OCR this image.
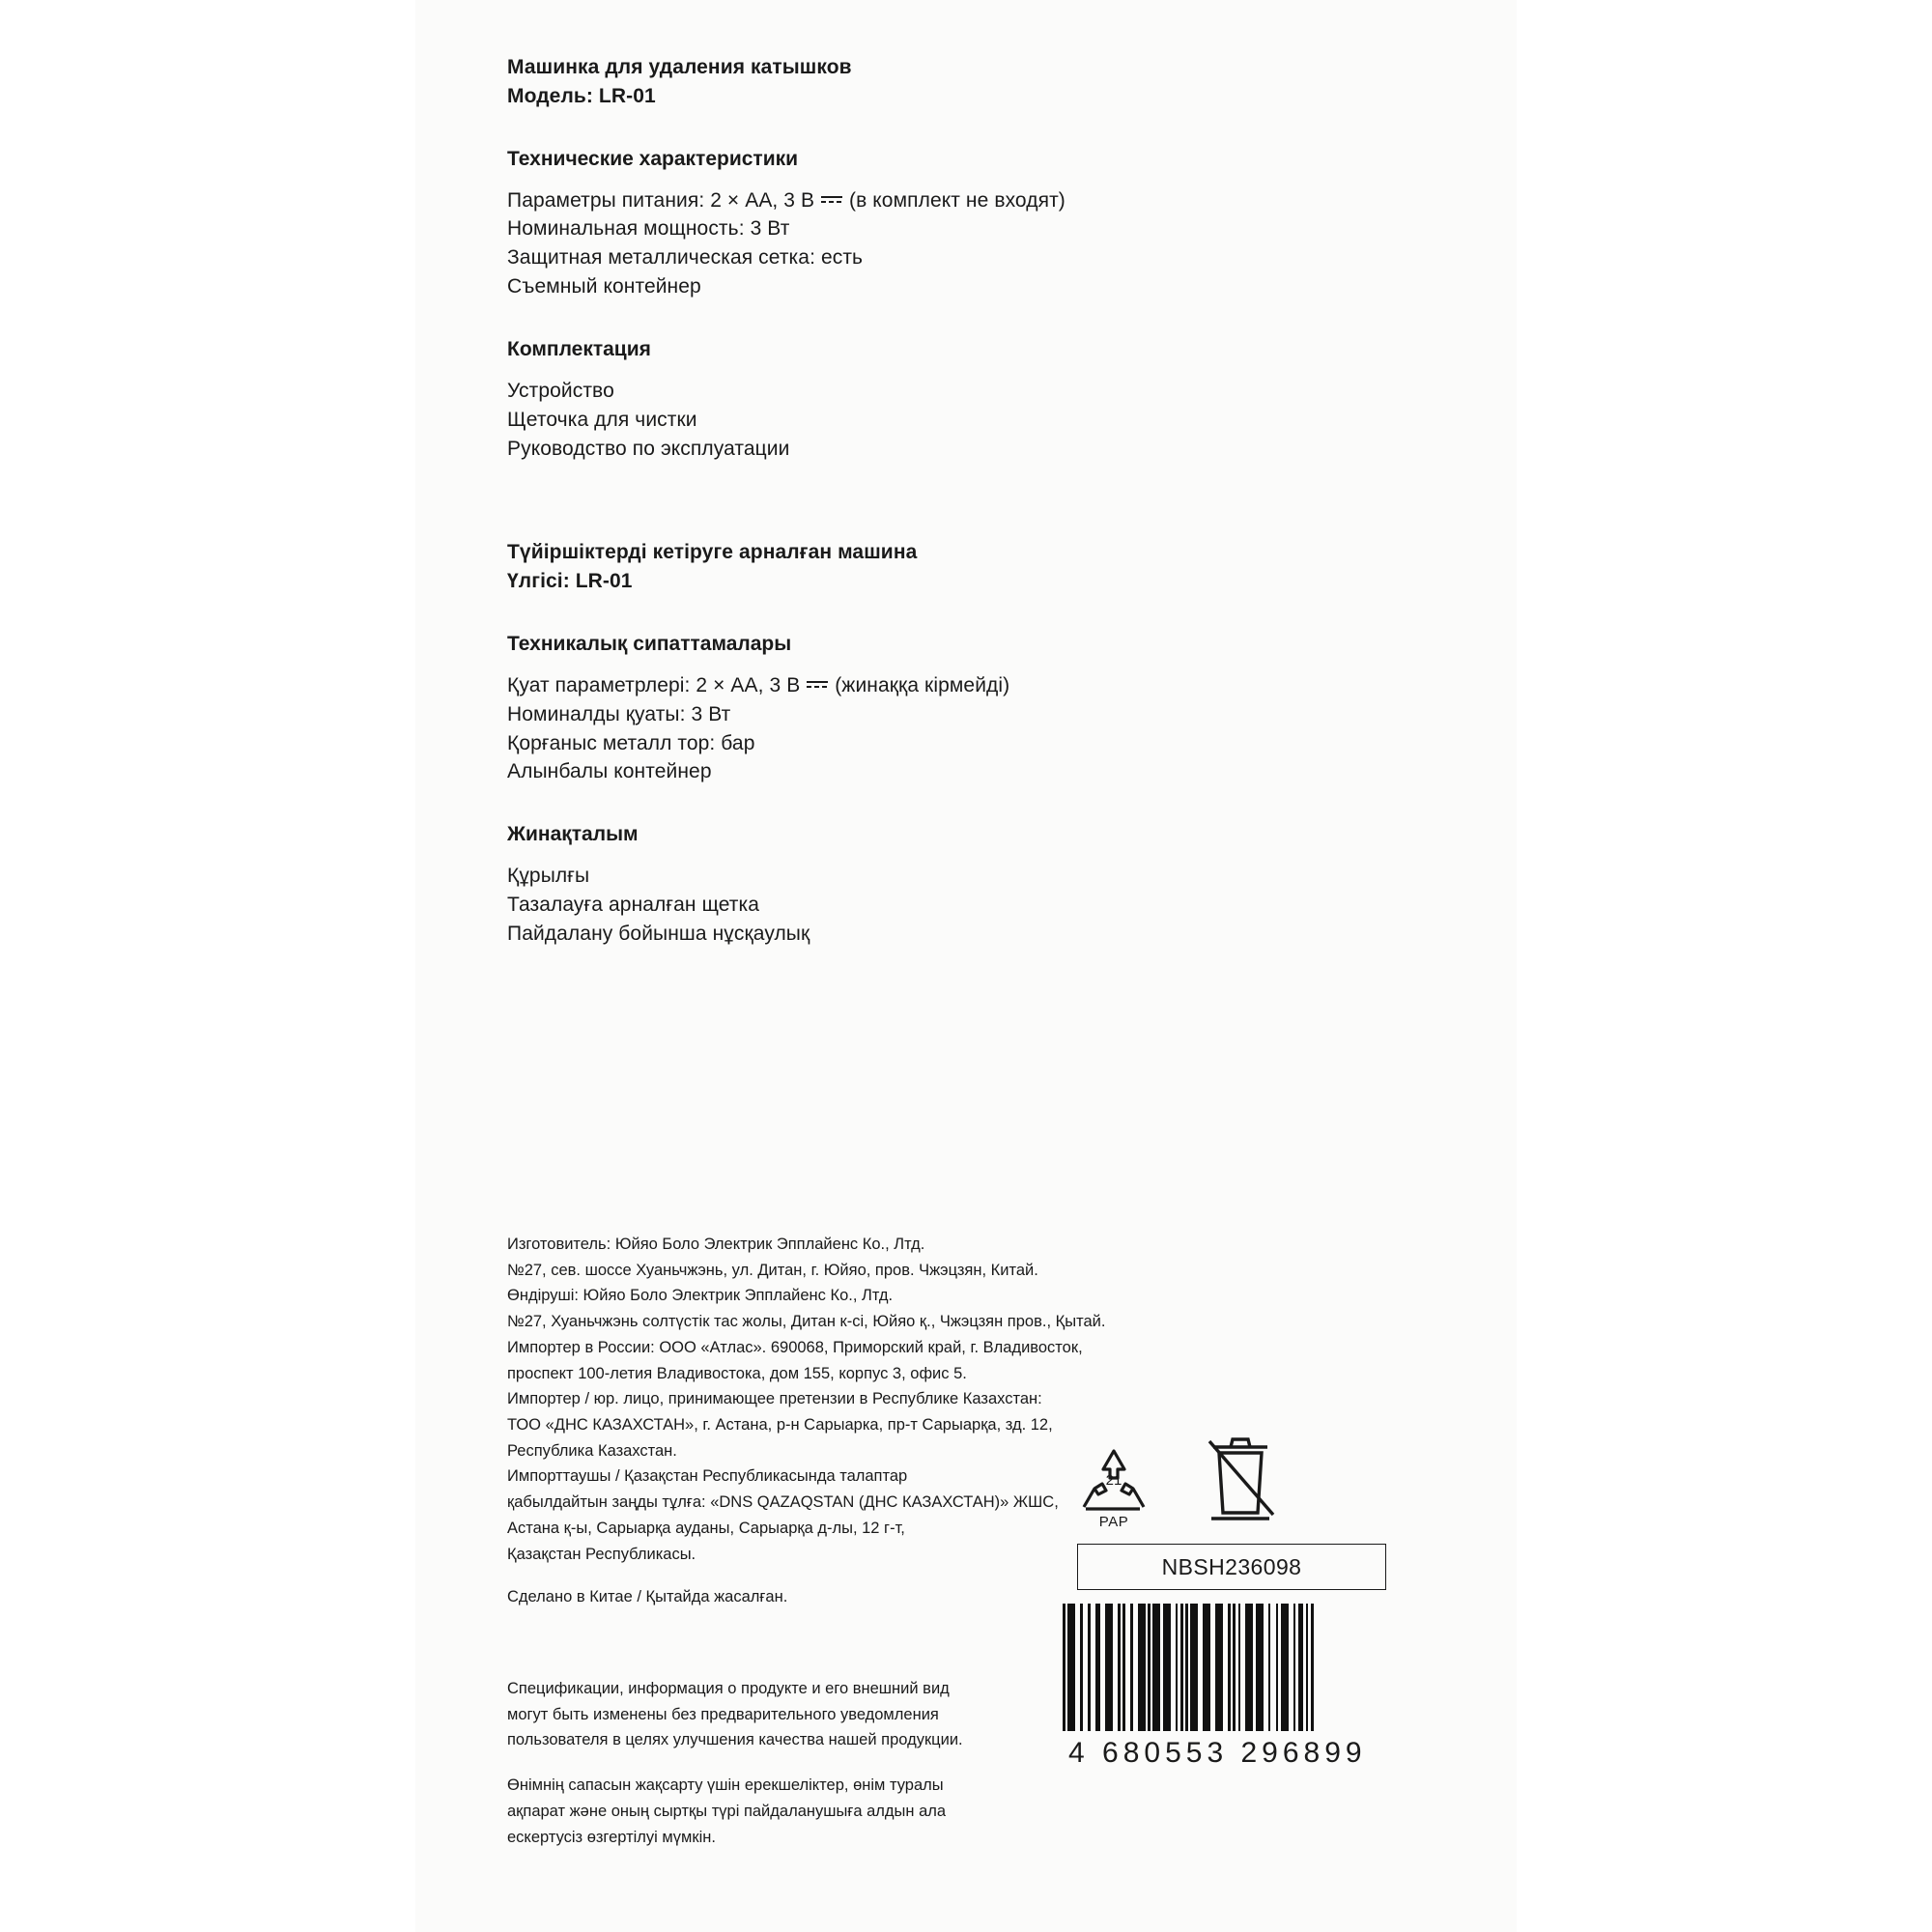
Машинка для удаления катышков
Модель: LR-01
Технические характеристики
Параметры питания: 2 × AA, 3 B
(в комплект не входят)
Номинальная мощность: 3 Вт
Защитная металлическая сетка: есть
Съемный контейнер
Комплектация
Устройство
Щеточка для чистки
Руководство по эксплуатации
Түйіршіктерді кетіруге арналған машина
Үлгісі: LR-01
Техникалық сипаттамалары
Қуат параметрлері: 2 × AA, 3 B
(жинаққа кірмейді)
Номиналды қуаты: 3 Вт
Қорғаныс металл тор: бар
Алынбалы контейнер
Жинақталым
Құрылғы
Тазалауға арналған щетка
Пайдалану бойынша нұсқаулық

Изготовитель: Юйяо Боло Электрик Эпплайенс Ко., Лтд.

№27, сев. шоссе Хуаньчжэнь, ул. Дитан, г. Юйяо, пров. Чжэцзян, Китай.

Өндіруші: Юйяо Боло Электрик Эпплайенс Ко., Лтд.

№27, Хуаньчжэнь солтүстік тас жолы, Дитан к-сі, Юйяо қ., Чжэцзян пров., Қытай.

Импортер в России: ООО «Атлас». 690068, Приморский край, г. Владивосток,

проспект 100-летия Владивостока, дом 155, корпус 3, офис 5.

Импортер / юр. лицо, принимающее претензии в Республике Казахстан:

ТОО «ДНС КАЗАХСТАН», г. Астана, р-н Сарыарка, пр-т Сарыарқа, зд. 12,

Республика Казахстан.

Импорттаушы / Қазақстан Республикасында талаптар

қабылдайтын заңды тұлға: «DNS QAZAQSTAN (ДНС КАЗАХСТАН)» ЖШС,

Астана қ-ы, Сарыарқа ауданы, Сарыарқа д-лы, 12 г-т,

Қазақстан Республикасы.

Сделано в Китае / Қытайда жасалған.

Спецификации, информация о продукте и его внешний вид

могут быть изменены без предварительного уведомления

пользователя в целях улучшения качества нашей продукции.

Өнімнің сапасын жақсарту үшін ерекшеліктер, өнім туралы

ақпарат және оның сыртқы түрі пайдаланушыға алдын ала

ескертусіз өзгертілуі мүмкін.

21
PAP
NBSH236098
4 680553 296899
